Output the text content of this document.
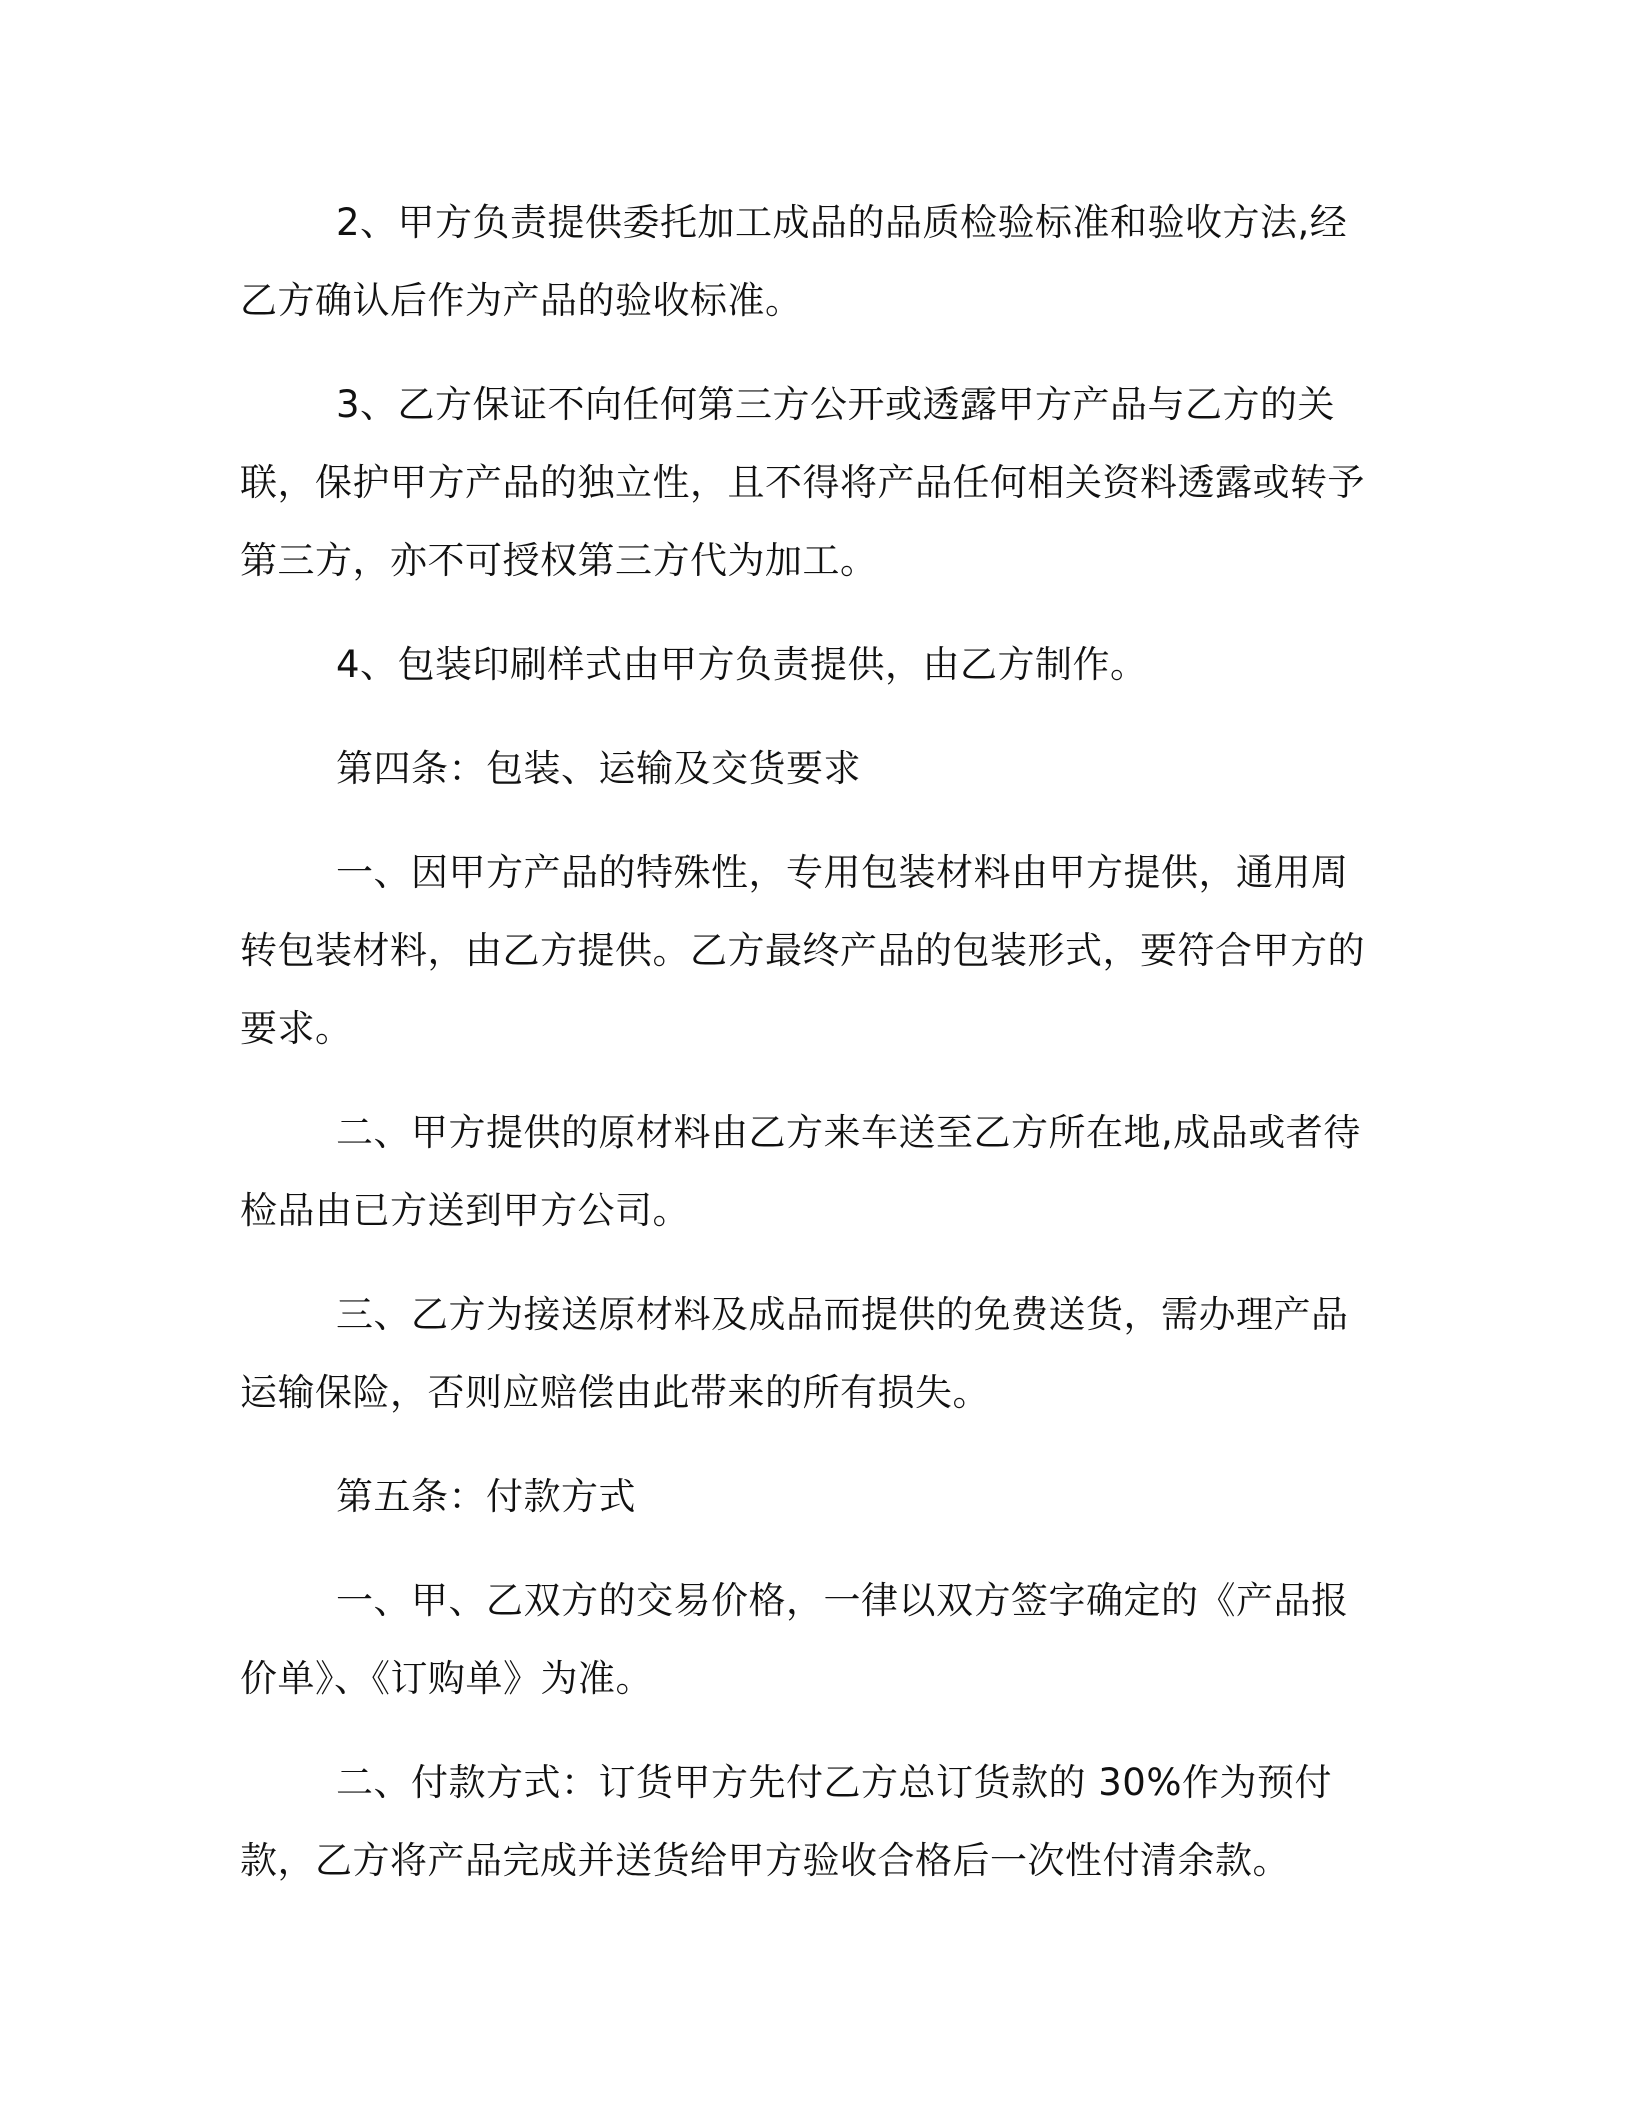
2、甲方负责提供委托加工成品的品质检验标准和验收方法,经乙方确认后作为产品的验收标准。

3、乙方保证不向任何第三方公开或透露甲方产品与乙方的关联，保护甲方产品的独立性，且不得将产品任何相关资料透露或转予第三方，亦不可授权第三方代为加工。

4、包装印刷样式由甲方负责提供，由乙方制作。

第四条：包装、运输及交货要求

一、因甲方产品的特殊性，专用包装材料由甲方提供，通用周转包装材料，由乙方提供。乙方最终产品的包装形式，要符合甲方的要求。

二、甲方提供的原材料由乙方来车送至乙方所在地,成品或者待检品由已方送到甲方公司。

三、乙方为接送原材料及成品而提供的免费送货，需办理产品运输保险，否则应赔偿由此带来的所有损失。

第五条：付款方式

一、甲、乙双方的交易价格，一律以双方签字确定的《产品报价单》、《订购单》为准。

二、付款方式：订货甲方先付乙方总订货款的 30%作为预付款，乙方将产品完成并送货给甲方验收合格后一次性付清余款。
